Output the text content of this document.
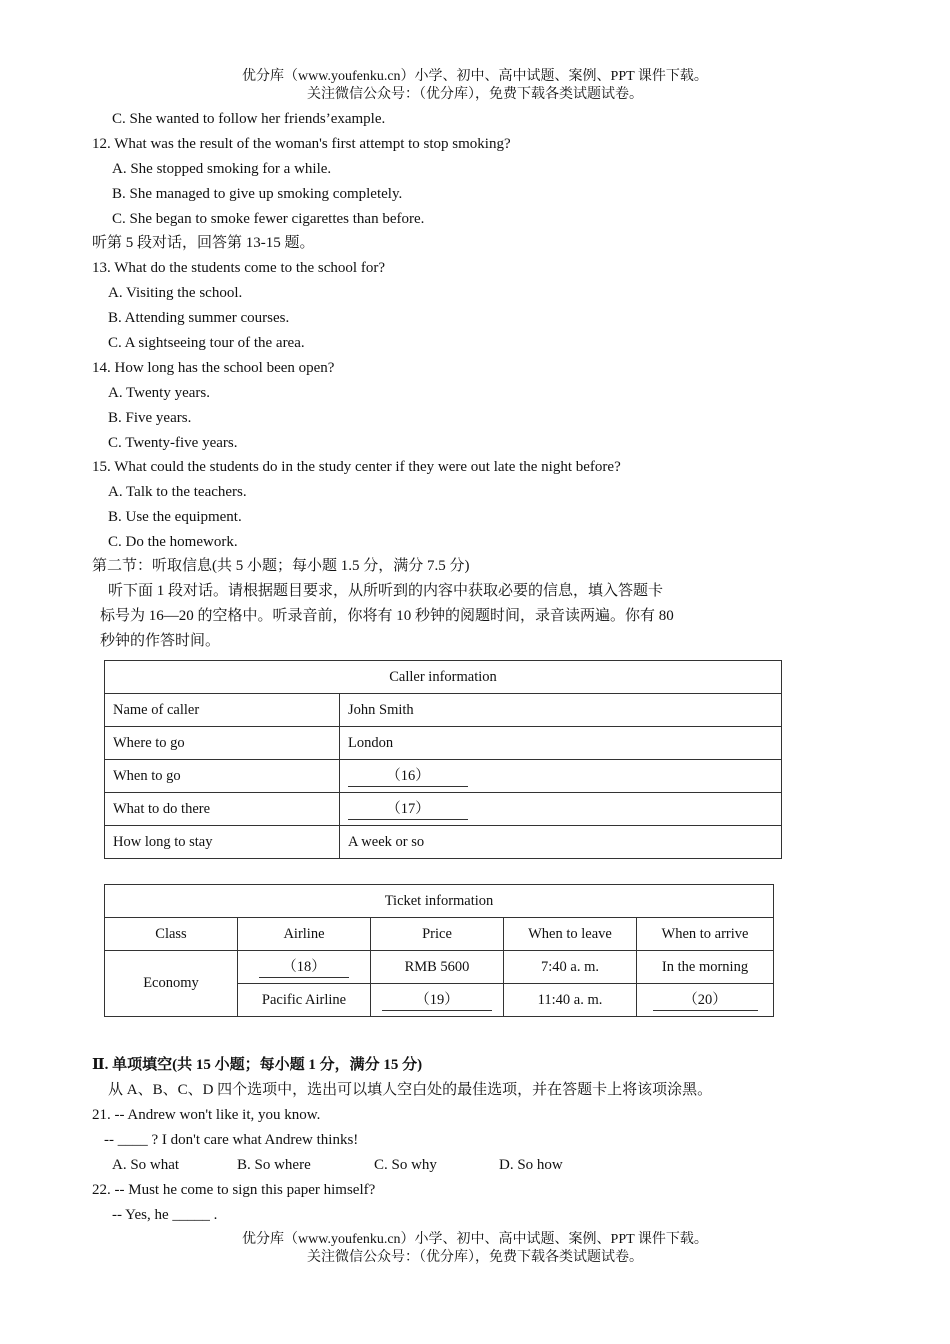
优分库（www.youfenku.cn）小学、初中、高中试题、案例、PPT 课件下载。
关注微信公众号：（优分库），免费下载各类试题试卷。
C. She wanted to follow her friends’example.
12. What was the result of the woman's first attempt to stop smoking?
A. She stopped smoking for a while.
B. She managed to give up smoking completely.
C. She began to smoke fewer cigarettes than before.
听第 5 段对话，回答第 13-15 题。
13. What do the students come to the school for?
A. Visiting the school.
B. Attending summer courses.
C. A sightseeing tour of the area.
14. How long has the school been open?
A. Twenty years.
B. Five years.
C. Twenty-five years.
15. What could the students do in the study center if they were out late the night before?
A. Talk to the teachers.
B. Use the equipment.
C. Do the homework.
第二节：听取信息(共 5 小题；每小题 1.5 分，满分 7.5 分)
听下面 1 段对话。请根据题目要求，从所听到的内容中获取必要的信息，填入答题卡
标号为 16—20 的空格中。听录音前，你将有 10 秒钟的阅题时间，录音读两遍。你有 80
秒钟的作答时间。
Caller information	
Name of caller	John Smith
Where to go	London
When to go	（16）
What to do there	（17）
How long to stay	A week or so
Ticket information				
Class	Airline	Price	When to leave	When to arrive
Economy	（18）	RMB 5600	7:40 a. m.	In the morning
	Pacific Airline	（19）	11:40 a. m.	（20）
Ⅱ. 单项填空(共 15 小题；每小题 1 分，满分 15 分)
从 A、B、C、D 四个选项中，选出可以填人空白处的最佳选项，并在答题卡上将该项涂黑。
21. -- Andrew won't like it, you know.
-- ____ ? I don't care what Andrew thinks!
A. So what	B. So where	C. So why	D. So how
22. -- Must he come to sign this paper himself?
-- Yes, he _____ .
优分库（www.youfenku.cn）小学、初中、高中试题、案例、PPT 课件下载。
关注微信公众号：（优分库），免费下载各类试题试卷。
